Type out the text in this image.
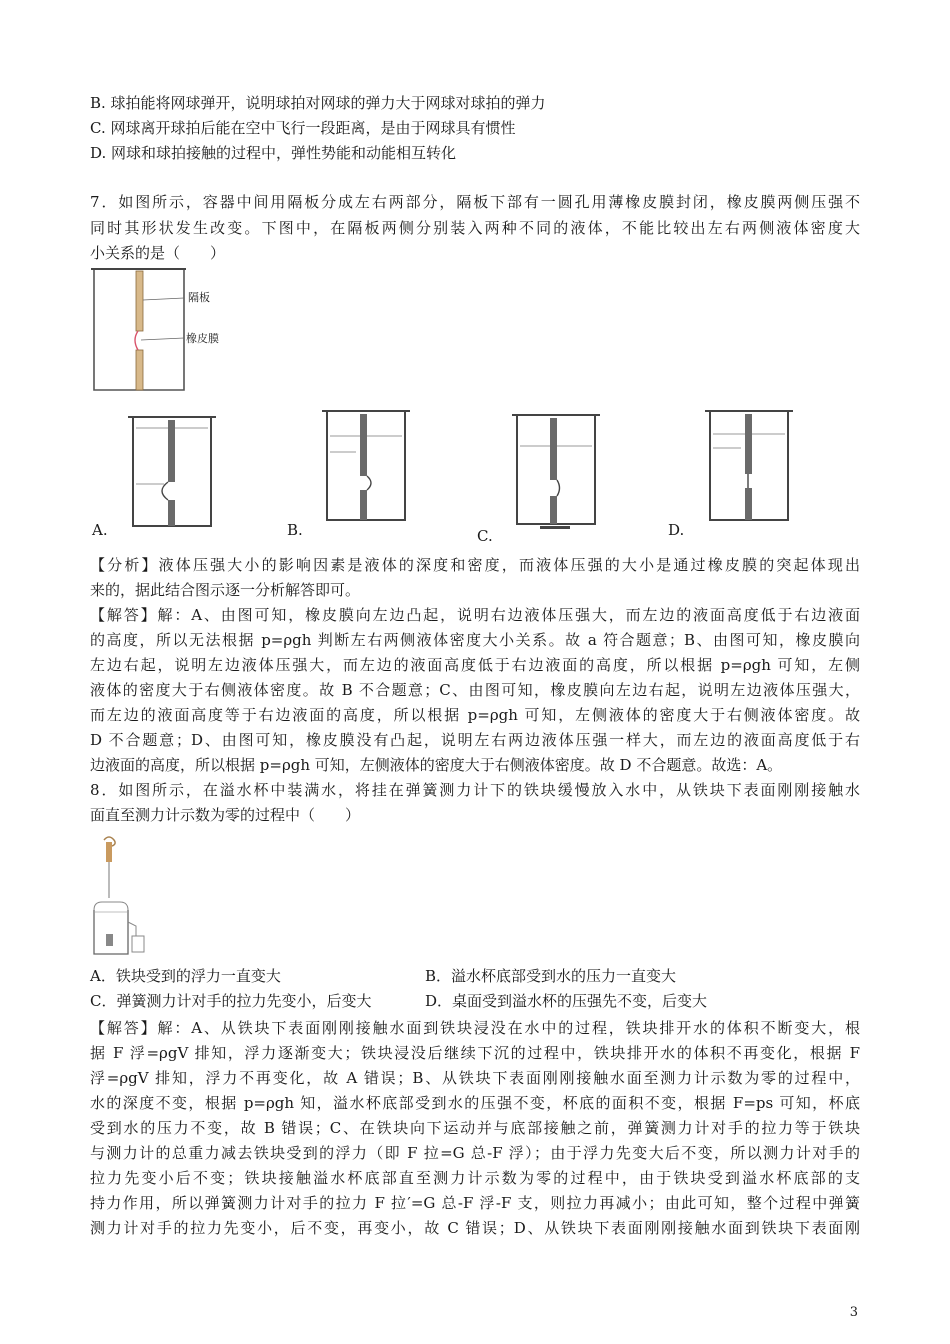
B. 球拍能将网球弹开，说明球拍对网球的弹力大于网球对球拍的弹力
C. 网球离开球拍后能在空中飞行一段距离，是由于网球具有惯性
D. 网球和球拍接触的过程中，弹性势能和动能相互转化
7．如图所示，容器中间用隔板分成左右两部分，隔板下部有一圆孔用薄橡皮膜封闭，橡皮膜两侧压强不
同时其形状发生改变。下图中，在隔板两侧分别装入两种不同的液体，不能比较出左右两侧液体密度大
小关系的是（　　）
隔板
橡皮膜
A.	B.	C.	D.
【分析】液体压强大小的影响因素是液体的深度和密度，而液体压强的大小是通过橡皮膜的突起体现出
来的，据此结合图示逐一分析解答即可。
【解答】解：A、由图可知，橡皮膜向左边凸起，说明右边液体压强大，而左边的液面高度低于右边液面
的高度，所以无法根据 p=ρgh 判断左右两侧液体密度大小关系。故 a 符合题意；B、由图可知，橡皮膜向
左边右起，说明左边液体压强大，而左边的液面高度低于右边液面的高度，所以根据 p=ρgh 可知，左侧
液体的密度大于右侧液体密度。故 B 不合题意；C、由图可知，橡皮膜向左边右起，说明左边液体压强大，
而左边的液面高度等于右边液面的高度，所以根据 p=ρgh 可知，左侧液体的密度大于右侧液体密度。故
D 不合题意；D、由图可知，橡皮膜没有凸起，说明左右两边液体压强一样大，而左边的液面高度低于右
边液面的高度，所以根据 p=ρgh 可知，左侧液体的密度大于右侧液体密度。故 D 不合题意。故选：A。
8．如图所示，在溢水杯中装满水，将挂在弹簧测力计下的铁块缓慢放入水中，从铁块下表面刚刚接触水
面直至测力计示数为零的过程中（　　）
A．铁块受到的浮力一直变大	B．溢水杯底部受到水的压力一直变大
C．弹簧测力计对手的拉力先变小，后变大	D．桌面受到溢水杯的压强先不变，后变大
【解答】解：A、从铁块下表面刚刚接触水面到铁块浸没在水中的过程，铁块排开水的体积不断变大，根
据 F 浮=ρgV 排知，浮力逐渐变大；铁块浸没后继续下沉的过程中，铁块排开水的体积不再变化，根据 F
浮=ρgV 排知，浮力不再变化，故 A 错误；B、从铁块下表面刚刚接触水面至测力计示数为零的过程中，
水的深度不变，根据 p=ρgh 知，溢水杯底部受到水的压强不变，杯底的面积不变，根据 F=ps 可知，杯底
受到水的压力不变，故 B 错误；C、在铁块向下运动并与底部接触之前，弹簧测力计对手的拉力等于铁块
与测力计的总重力减去铁块受到的浮力（即 F 拉=G 总-F 浮）；由于浮力先变大后不变，所以测力计对手的
拉力先变小后不变；铁块接触溢水杯底部直至测力计示数为零的过程中，由于铁块受到溢水杯底部的支
持力作用，所以弹簧测力计对手的拉力 F 拉′=G 总-F 浮-F 支，则拉力再减小；由此可知，整个过程中弹簧
测力计对手的拉力先变小，后不变，再变小，故 C 错误；D、从铁块下表面刚刚接触水面到铁块下表面刚
3
